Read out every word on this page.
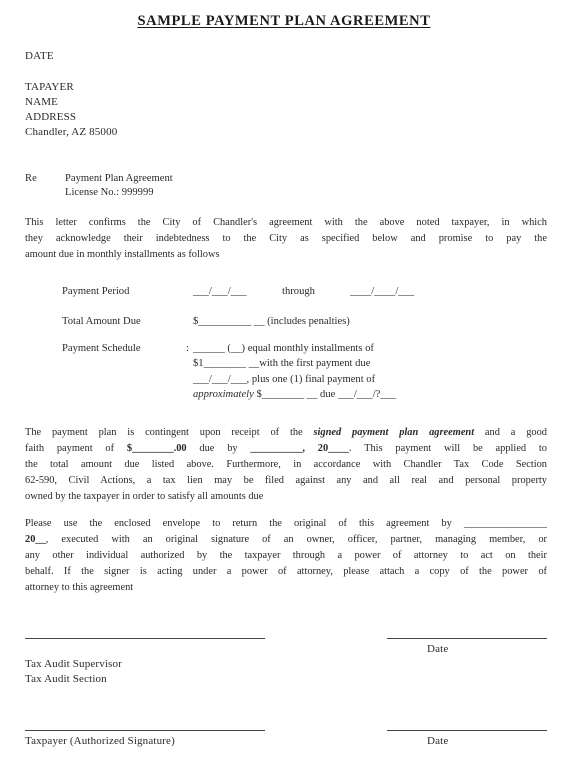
SAMPLE PAYMENT PLAN AGREEMENT
DATE
TAPAYER
NAME
ADDRESS
Chandler, AZ 85000
Re	Payment Plan Agreement
License No.: 999999
This letter confirms the City of Chandler's agreement with the above noted taxpayer, in which
they acknowledge their indebtedness to the City as specified below and promise to pay the
amount due in monthly installments as follows
Payment Period	___/___/___	through	____/____/___
Total Amount Due	$__________ __ (includes penalties)
Payment Schedule	: ______ (__) equal monthly installments of
$1________ __with the first payment due
___/___/___, plus one (1) final payment of
approximately $________ __ due ___/___/?___
The payment plan is contingent upon receipt of the signed payment plan agreement and a good
faith payment of $________.00 due by __________, 20____. This payment will be applied to
the total amount due listed above. Furthermore, in accordance with Chandler Tax Code Section
62-590, Civil Actions, a tax lien may be filed against any and all real and personal property
owned by the taxpayer in order to satisfy all amounts due
Please use the enclosed envelope to return the original of this agreement by ________________
20__, executed with an original signature of an owner, officer, partner, managing member, or
any other individual authorized by the taxpayer through a power of attorney to act on their
behalf. If the signer is acting under a power of attorney, please attach a copy of the power of
attorney to this agreement
Date
Tax Audit Supervisor
Tax Audit Section
Taxpayer (Authorized Signature)	Date
